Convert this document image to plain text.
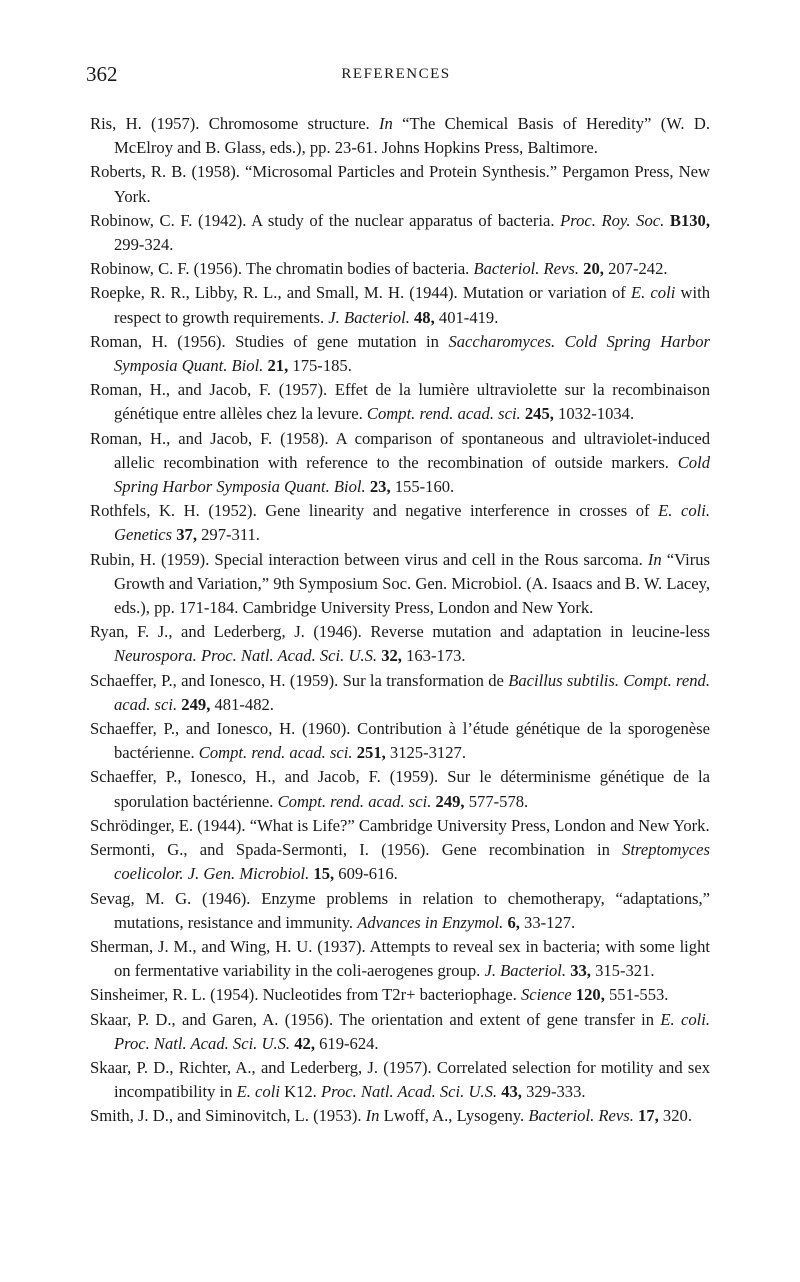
362	REFERENCES

Ris, H. (1957). Chromosome structure. In “The Chemical Basis of Heredity” (W. D. McElroy and B. Glass, eds.), pp. 23-61. Johns Hopkins Press, Baltimore.

Roberts, R. B. (1958). “Microsomal Particles and Protein Synthesis.” Pergamon Press, New York.

Robinow, C. F. (1942). A study of the nuclear apparatus of bacteria. Proc. Roy. Soc. B130, 299-324.

Robinow, C. F. (1956). The chromatin bodies of bacteria. Bacteriol. Revs. 20, 207-242.

Roepke, R. R., Libby, R. L., and Small, M. H. (1944). Mutation or variation of E. coli with respect to growth requirements. J. Bacteriol. 48, 401-419.

Roman, H. (1956). Studies of gene mutation in Saccharomyces. Cold Spring Harbor Symposia Quant. Biol. 21, 175-185.

Roman, H., and Jacob, F. (1957). Effet de la lumière ultraviolette sur la recombinaison génétique entre allèles chez la levure. Compt. rend. acad. sci. 245, 1032-1034.

Roman, H., and Jacob, F. (1958). A comparison of spontaneous and ultraviolet-induced allelic recombination with reference to the recombination of outside markers. Cold Spring Harbor Symposia Quant. Biol. 23, 155-160.

Rothfels, K. H. (1952). Gene linearity and negative interference in crosses of E. coli. Genetics 37, 297-311.

Rubin, H. (1959). Special interaction between virus and cell in the Rous sarcoma. In “Virus Growth and Variation,” 9th Symposium Soc. Gen. Microbiol. (A. Isaacs and B. W. Lacey, eds.), pp. 171-184. Cambridge University Press, London and New York.

Ryan, F. J., and Lederberg, J. (1946). Reverse mutation and adaptation in leucine-less Neurospora. Proc. Natl. Acad. Sci. U.S. 32, 163-173.

Schaeffer, P., and Ionesco, H. (1959). Sur la transformation de Bacillus subtilis. Compt. rend. acad. sci. 249, 481-482.

Schaeffer, P., and Ionesco, H. (1960). Contribution à l’étude génétique de la sporogenèse bactérienne. Compt. rend. acad. sci. 251, 3125-3127.

Schaeffer, P., Ionesco, H., and Jacob, F. (1959). Sur le déterminisme génétique de la sporulation bactérienne. Compt. rend. acad. sci. 249, 577-578.

Schrödinger, E. (1944). “What is Life?” Cambridge University Press, London and New York.

Sermonti, G., and Spada-Sermonti, I. (1956). Gene recombination in Streptomyces coelicolor. J. Gen. Microbiol. 15, 609-616.

Sevag, M. G. (1946). Enzyme problems in relation to chemotherapy, “adaptations,” mutations, resistance and immunity. Advances in Enzymol. 6, 33-127.

Sherman, J. M., and Wing, H. U. (1937). Attempts to reveal sex in bacteria; with some light on fermentative variability in the coli-aerogenes group. J. Bacteriol. 33, 315-321.

Sinsheimer, R. L. (1954). Nucleotides from T2r+ bacteriophage. Science 120, 551-553.

Skaar, P. D., and Garen, A. (1956). The orientation and extent of gene transfer in E. coli. Proc. Natl. Acad. Sci. U.S. 42, 619-624.

Skaar, P. D., Richter, A., and Lederberg, J. (1957). Correlated selection for motility and sex incompatibility in E. coli K12. Proc. Natl. Acad. Sci. U.S. 43, 329-333.

Smith, J. D., and Siminovitch, L. (1953). In Lwoff, A., Lysogeny. Bacteriol. Revs. 17, 320.
